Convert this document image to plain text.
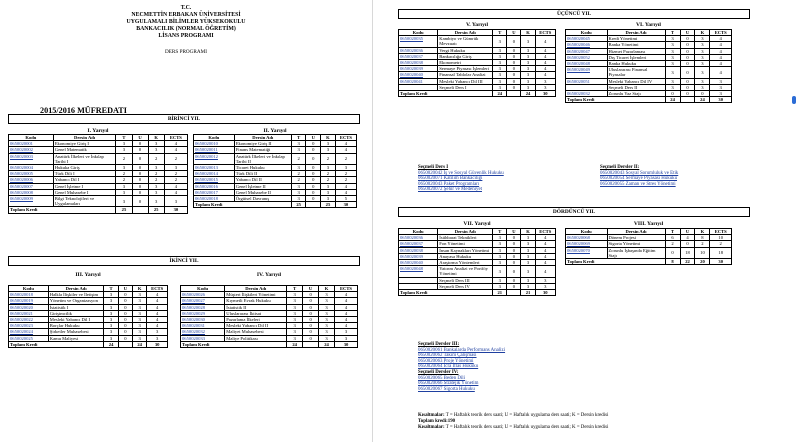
T.C.
NECMETTİN ERBAKAN ÜNİVERSİTESİ
UYGULAMALI BİLİMLER YÜKSEKOKULU
BANKACILIK (NORMAL ÖĞRETİM)
LİSANS PROGRAMI
DERS PROGRAMI
2015/2016 MÜFREDATI
BİRİNCİ YIL
I. Yarıyıl
Kodu	Dersin Adı	T	U	K	ECTS
0650020001	Ekonomiye Giriş I	3	0	3	4
0650020002	Genel Matematik	3	0	3	4
0650020003	Anatürk İlkeleri ve İnkılap Tarihi I	2	0	2	2
0650020004	Hukuka Giriş	3	0	3	3
0650020005	Türk Dili I	2	0	2	2
0650020006	Yabancı Dil I	2	0	2	2
0650020007	Genel İşletme I	3	0	3	4
0650020008	Genel Muhasebe I	3	0	3	4
0650020009	Bilgi Teknolojileri ve Uygulamaları	3	0	3	3
Toplam Kredi		25		25	30
II. Yarıyıl
Kodu	Dersin Adı	T	U	K	ECTS
0650020010	Ekonomiye Giriş II	3	0	3	4
0650020011	Finans Matematiği	3	0	3	4
0650020012	Anatürk İlkeleri ve İnkılap Tarihi II	2	0	2	2
0650020013	Ticaret Hukuku	3	0	3	3
0650020014	Türk Dili II	2	0	2	2
0650020015	Yabancı Dil II	2	0	2	2
0650020016	Genel İşletme II	3	0	3	4
0650020017	Genel Muhasebe II	3	0	3	4
0650020018	Örgütsel Davranış	3	0	3	5
Toplam Kredi		25		25	30
İKİNCİ YIL
III. Yarıyıl
Kodu	Dersin Adı	T	U	K	ECTS
0650020018	Halkla İlişkiler ve İletişim	3	0	3	4
0650020019	Yönetim ve Organizasyon	3	0	3	4
0650020020	İstatistik I	3	0	3	4
0650020021	Girişimcilik	3	0	3	4
0650020022	Mesleki Yabancı Dil I	3	0	3	4
0650020023	Borçlar Hukuku	3	0	3	4
0650020024	Şirketler Muhasebesi	3	0	3	3
0650020025	Kamu Maliyesi	3	0	3	3
Toplam Kredi		24		24	30
IV. Yarıyıl
Kodu	Dersin Adı	T	U	K	ECTS
0650020026	Müşteri İlişkileri Yönetimi	3	0	3	4
0650020027	Kıymetli Evrak Hukuku	3	0	3	4
0650020028	İstatistik II	3	0	3	4
0650020029	Uluslararası İktisat	3	0	3	4
0650020030	Pazarlama İlkeleri	3	0	3	4
0650020031	Mesleki Yabancı Dil II	3	0	3	4
0650020032	Maliyet Muhasebesi	3	0	3	3
0650020033	Maliye Politikası	3	0	3	3
Toplam Kredi		24		24	30
ÜÇÜNCÜ YIL
V. Yarıyıl
Kodu	Dersin Adı	T	U	K	ECTS
0650020035	Kambiyo ve Gümrük Mevzuatı	3	0	3	4
0650020036	Vergi Hukuku	3	0	3	4
0650020037	Bankacılığa Giriş	3	0	3	4
0650020038	Ekonometri	3	0	3	4
0650020039	Sermaye Piyasası İşlemleri	3	0	3	4
0650020040	Finansal Tablolar Analizi	3	0	3	4
0650020041	Mesleki Yabancı Dil III	3	0	3	3
	Seçmeli Ders I	3	0	3	3
Toplam Kredi		24		24	30
VI. Yarıyıl
Kodu	Dersin Adı	T	U	K	ECTS
0650020045	Kredi Yönetimi	3	0	3	4
0650020046	Banka Yönetimi	3	0	3	4
0650020047	Hizmet Pazarlaması	3	0	3	4
0650020052	Dış Ticaret İşlemleri	3	0	3	4
0650020048	Banka Hukuku	3	0	3	4
0650020049	Uluslararası Finansal Piyasalar	3	0	3	4
0650020051	Mesleki Yabancı Dil IV	3	0	3	3
	Seçmeli Ders II	3	0	3	3
0650020032	Zorunlu Yaz Stajı	0	0	0	3
Toplam Kredi		24		24	30
Seçmeli Ders I
0650020042 İş ve Sosyal Güvenlik Hukuku
0650020071 Katılım Bankacılığı
0650020043 Paket Programları
0650020072 Şehir ve Medeniyet
Seçmeli Dersler II:
0650020043 Sosyal Sorumluluk ve Etik
0650020054 Sermaye Piyasası Hukuku
0650020055 Zaman ve Stres Yönetimi
DÖRDÜNCÜ YIL
VII. Yarıyıl
Kodu	Dersin Adı	T	U	K	ECTS
0650020036	İstihbarat Teknikleri	3	0	3	4
0650020037	Fon Yönetimi	3	0	3	4
0650020038	İnsan Kaynakları Yönetimi	3	0	3	4
0650020039	Anayasa Hukuku	3	0	3	4
0650020040	Araştırma Yöntemleri	3	0	3	4
0650020048	Yatırım Analizi ve Portföy Yönetimi	3	0	3	4
	Seçmeli Ders III	3	0	3	3
	Seçmeli Ders IV	3	0	3	3
Toplam Kredi		21		21	30
VIII. Yarıyıl
Kodu	Dersin Adı	T	U	K	ECTS
0650020068	Dönem Projesi	6	4	8	10
0650020069	Sigorta Yönetimi	2	0	2	2
0650020070	Zorunlu İşbaşında Eğitim Stajı	0	18	10	18
Toplam Kredi		8	22	20	30
Seçmeli Dersler III:
0650020061 Bankalarda Performans Analizi
0650020062 Takım Çalışması
0650020063 Proje Yönetimi
0650020064 İcra İflas Hukuku
Seçmeli Dersler IV:
0650020065 Beden Dili
0650020066 Stratejik Yönetim
0650020067 Sigorta Hukuku
Kısaltmalar: T = Haftalık teorik ders saati; U = Haftalık uygulama ders saati; K = Dersin kredisi
Toplam kredi:190
Kısaltmalar: T = Haftalık teorik ders saati; U = Haftalık uygulama ders saati; K = Dersin kredisi
